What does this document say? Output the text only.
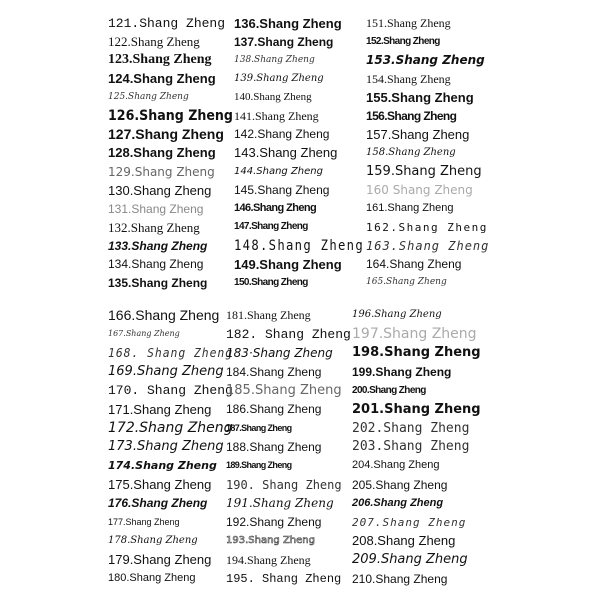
121.Shang Zheng
122.Shang Zheng
123.Shang Zheng
124.Shang Zheng
125.Shang Zheng
126.Shang Zheng
127.Shang Zheng
128.Shang Zheng
129.Shang Zheng
130.Shang Zheng
131.Shang Zheng
132.Shang Zheng
133.Shang Zheng
134.Shang Zheng
135.Shang Zheng
136.Shang Zheng
137.Shang Zheng
138.Shang Zheng
139.Shang Zheng
140.Shang Zheng
141.Shang Zheng
142.Shang Zheng
143.Shang Zheng
144.Shang Zheng
145.Shang Zheng
146.Shang Zheng
147.Shang Zheng
148.Shang Zheng
149.Shang Zheng
150.Shang Zheng
151.Shang Zheng
152.Shang Zheng
153.Shang Zheng
154.Shang Zheng
155.Shang Zheng
156.Shang Zheng
157.Shang Zheng
158.Shang Zheng
159.Shang Zheng
160 Shang Zheng
161.Shang Zheng
162.Shang Zheng
163.Shang Zheng
164.Shang Zheng
165.Shang Zheng
166.Shang Zheng
167.Shang Zheng
168. Shang Zheng
169.Shang Zheng
170. Shang Zheng
171.Shang Zheng
172.Shang Zheng
173.Shang Zheng
174.Shang Zheng
175.Shang Zheng
176.Shang Zheng
177.Shang Zheng
178.Shang Zheng
179.Shang Zheng
180.Shang Zheng
181.Shang Zheng
182. Shang Zheng
183·Shang Zheng
184.Shang Zheng
185.Shang Zheng
186.Shang Zheng
187.Shang Zheng
188.Shang Zheng
189.Shang Zheng
190. Shang Zheng
191.Shang Zheng
192.Shang Zheng
193.Shang Zheng
194.Shang Zheng
195. Shang Zheng
196.Shang Zheng
197.Shang Zheng
198.Shang Zheng
199.Shang Zheng
200.Shang Zheng
201.Shang Zheng
202.Shang Zheng
203.Shang Zheng
204.Shang Zheng
205.Shang Zheng
206.Shang Zheng
207.Shang Zheng
208.Shang Zheng
209.Shang Zheng
210.Shang Zheng
